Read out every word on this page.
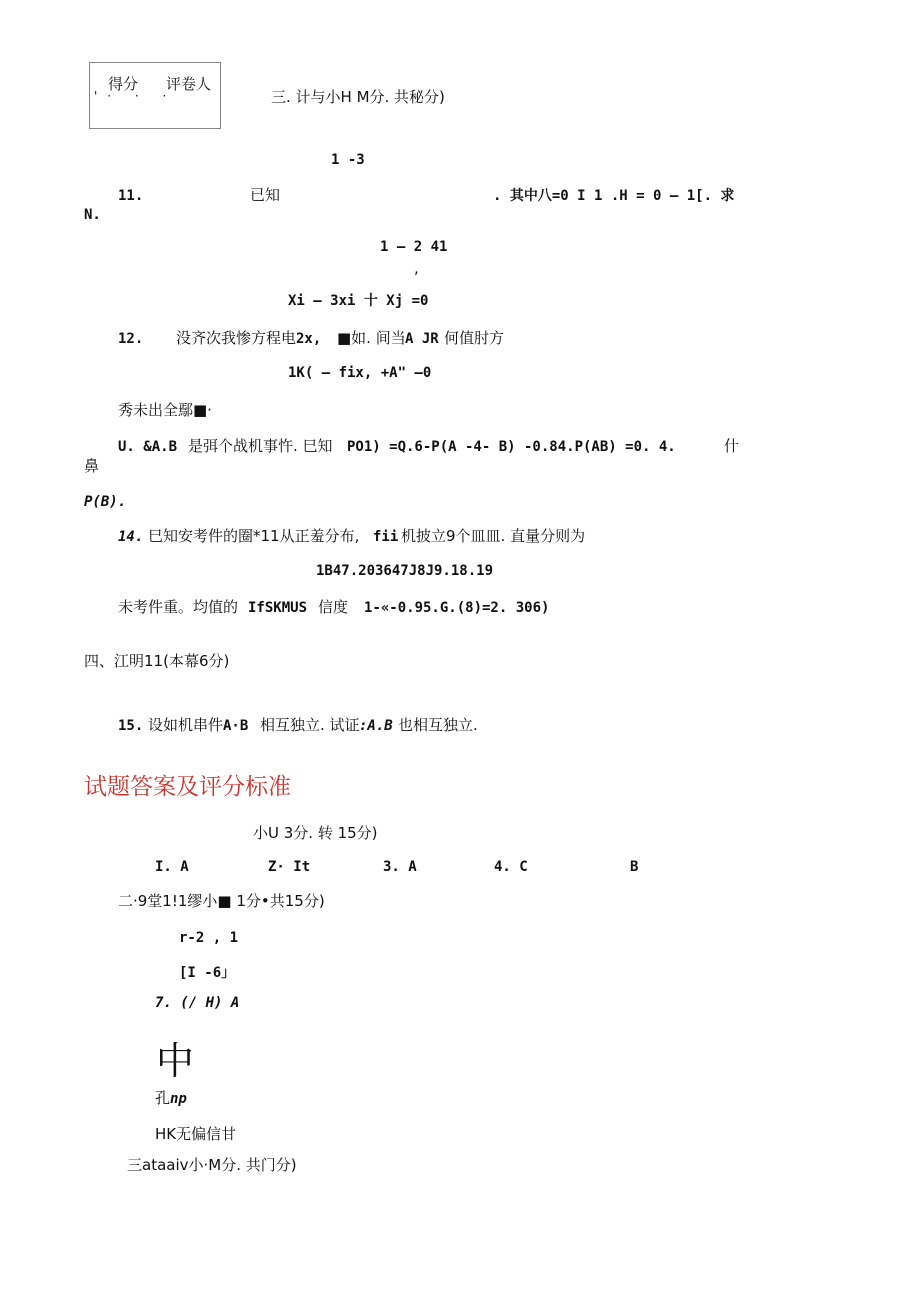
得分 评卷人
'· · ·	三. 计与小H M分. 共秘分)
1 -3
11.	已知	. 其中八=0 I 1 .H = 0 — 1[. 求
N.
1 — 2 41
,
Xi — 3xi 十 Xj =0
12. 没齐次我惨方程电 2x, ■如. 间当 A JR 何值肘方
1K( — fix, +A" —0
秀未出全鄢■·
U. &A.B 是弭个战机事忤. 巳知 PO1) =Q.6-P(A -4- B) -0.84.P(AB) =0. 4.	什
鼻
P(B).
14. 巳知安考件的圈*11从正羞分布, fii 机披立9个皿皿. 直量分则为
1B47.203647J8J9.18.19
未考件重。均值的 IfSKMUS 信度 1-«-0.95.G.(8)=2. 306)
四、江明11(本幕6分)
15. 设如机串件 A·B 相互独立. 试证 :A.B 也相互独立.
试题答案及评分标准
小U 3分. 转 15分)
I. A	Z· It	3. A	4. C	B
二·9堂1!1缪小■ 1分•共15分)
r-2 , 1
[I -6」
7. (/ H) A
中
孔 np
HK无偏信甘
三ataaiv小·M分. 共门分)
